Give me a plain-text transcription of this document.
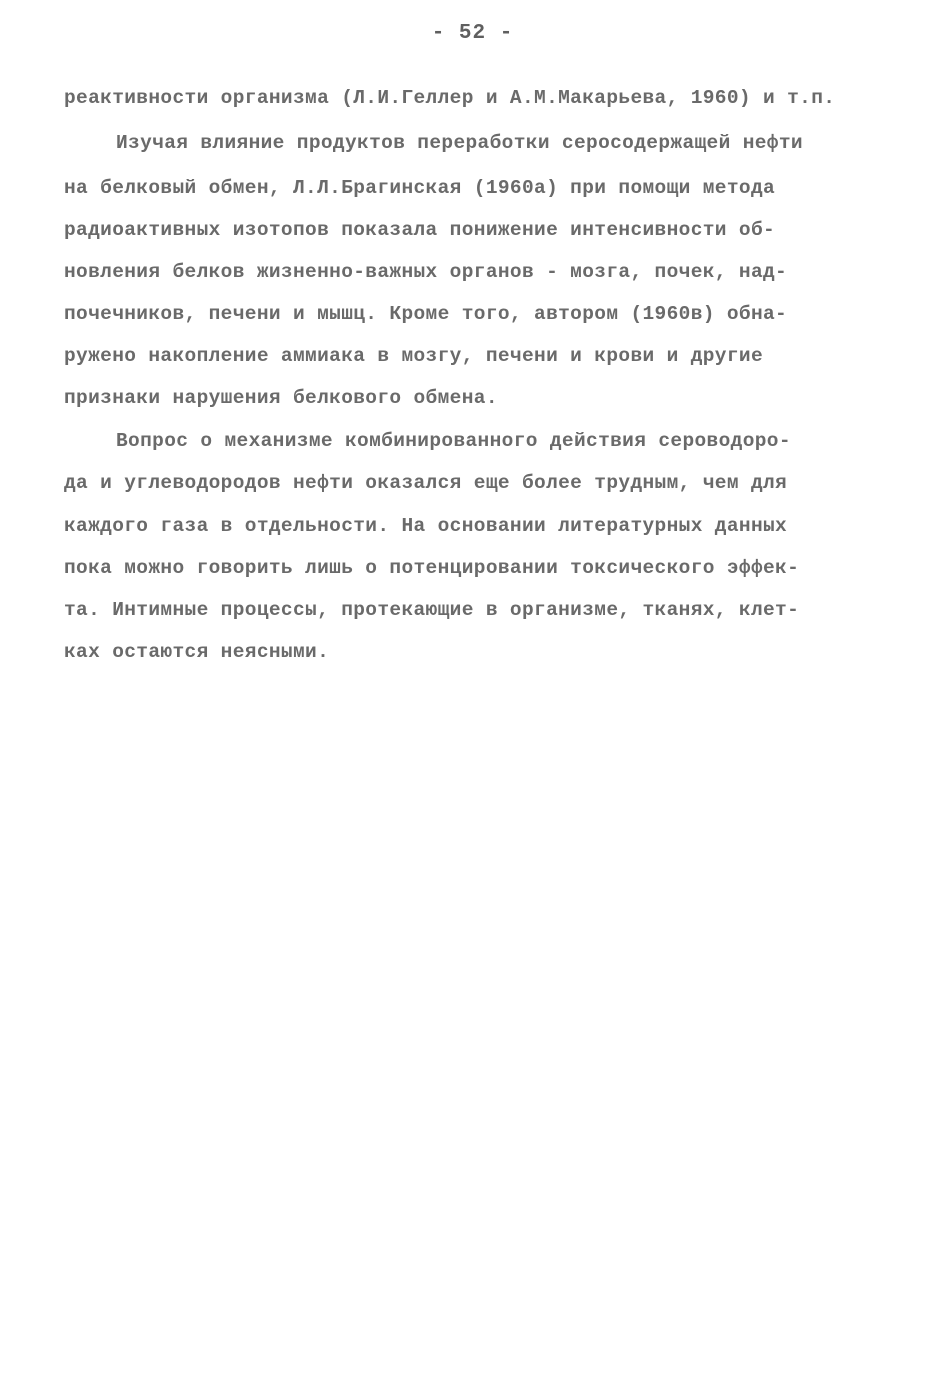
- 52 -
реактивности организма (Л.И.Геллер и А.М.Макарьева, 1960) и т.п.
Изучая влияние продуктов переработки серосодержащей нефти
на белковый обмен, Л.Л.Брагинская (1960а) при помощи метода
радиоактивных изотопов показала понижение интенсивности об-
новления белков жизненно-важных органов - мозга, почек, над-
почечников, печени и мышц. Кроме того, автором (1960в) обна-
ружено накопление аммиака в мозгу, печени и крови и другие
признаки нарушения белкового обмена.
Вопрос о механизме комбинированного действия сероводоро-
да и углеводородов нефти оказался еще более трудным, чем для
каждого газа в отдельности. На основании литературных данных
пока можно говорить лишь о потенцировании токсического эффек-
та. Интимные процессы, протекающие в организме, тканях, клет-
ках остаются неясными.
